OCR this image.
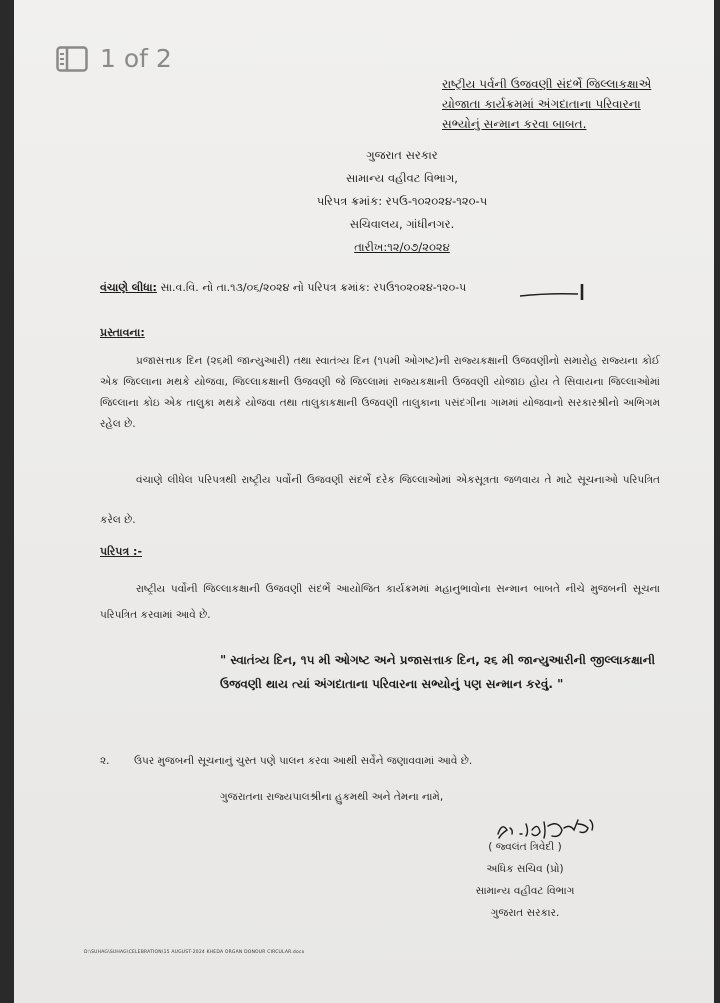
1 of 2
રાષ્ટ્રીય પર્વની ઉજવણી સંદર્ભે જિલ્લાકક્ષાએ
યોજાતા કાર્યક્રમમાં અંગદાતાના પરિવારના
સભ્યોનું સન્માન કરવા બાબત.
ગુજરાત સરકાર
સામાન્ય વહીવટ વિભાગ,
પરિપત્ર ક્રમાંક: રપઉ-૧૦૨૦૨૪-૧૨૦-પ
સચિવાલય, ગાંધીનગર.
તારીખ:૧૨/૦૭/૨૦૨૪
વંચાણે લીધા: સા.વ.વિ. નો તા.૧૩/૦૬/૨૦૨૪ નો પરિપત્ર ક્રમાંક: રપઉ૧૦૨૦૨૪-૧૨૦-પ
પ્રસ્તાવના:
પ્રજાસત્તાક દિન (૨૬મી જાન્યુઆરી) તથા સ્વાતંત્ર્ય દિન (૧૫મી ઓગષ્ટ)ની રાજ્યકક્ષાની ઉજવણીનો સમારોહ રાજ્યના કોઈ એક જિલ્લાના મથકે યોજવા, જિલ્લાકક્ષાની ઉજવણી જે જિલ્લામાં રાજ્યકક્ષાની ઉજવણી યોજાઇ હોય તે સિવાયના જિલ્લાઓમાં જિલ્લાના કોઇ એક તાલુકા મથકે યોજવા તથા તાલુકાકક્ષાની ઉજવણી તાલુકાના પસંદગીના ગામમાં યોજવાનો સરકારશ્રીનો અભિગમ રહેલ છે.
વંચાણે લીધેલ પરિપત્રથી રાષ્ટ્રીય પર્વોની ઉજવણી સંદર્ભે દરેક જિલ્લાઓમાં એકસૂત્રતા જળવાય તે માટે સૂચનાઓ પરિપત્રિત કરેલ છે.
પરિપત્ર :-
રાષ્ટ્રીય પર્વોની જિલ્લાકક્ષાની ઉજવણી સંદર્ભે આયોજિત કાર્યક્રમમાં મહાનુભાવોના સન્માન બાબતે નીચે મુજબની સૂચના પરિપત્રિત કરવામાં આવે છે.
" સ્વાતંત્ર્ય દિન, ૧૫ મી ઓગષ્ટ અને પ્રજાસત્તાક દિન, ૨૬ મી જાન્યુઆરીની જીલ્લાકક્ષાની ઉજવણી થાય ત્યાં અંગદાતાના પરિવારના સભ્યોનું પણ સન્માન કરવું. "
૨. ઉપર મુજબની સૂચનાનું ચુસ્ત પણે પાલન કરવા આથી સર્વેને જણાવવામાં આવે છે.
ગુજરાતના રાજ્યપાલશ્રીના હુકમથી અને તેમના નામે,
( જ્વલંત ત્રિવેદી )
અધિક સચિવ (પ્રો)
સામાન્ય વહીવટ વિભાગ
ગુજરાત સરકાર.
D:\SUHAG\SUHAG\CELEBRATION\15 AUGUST-2024 KHEDA ORGAN DONOUR CIRCULAR.docx
